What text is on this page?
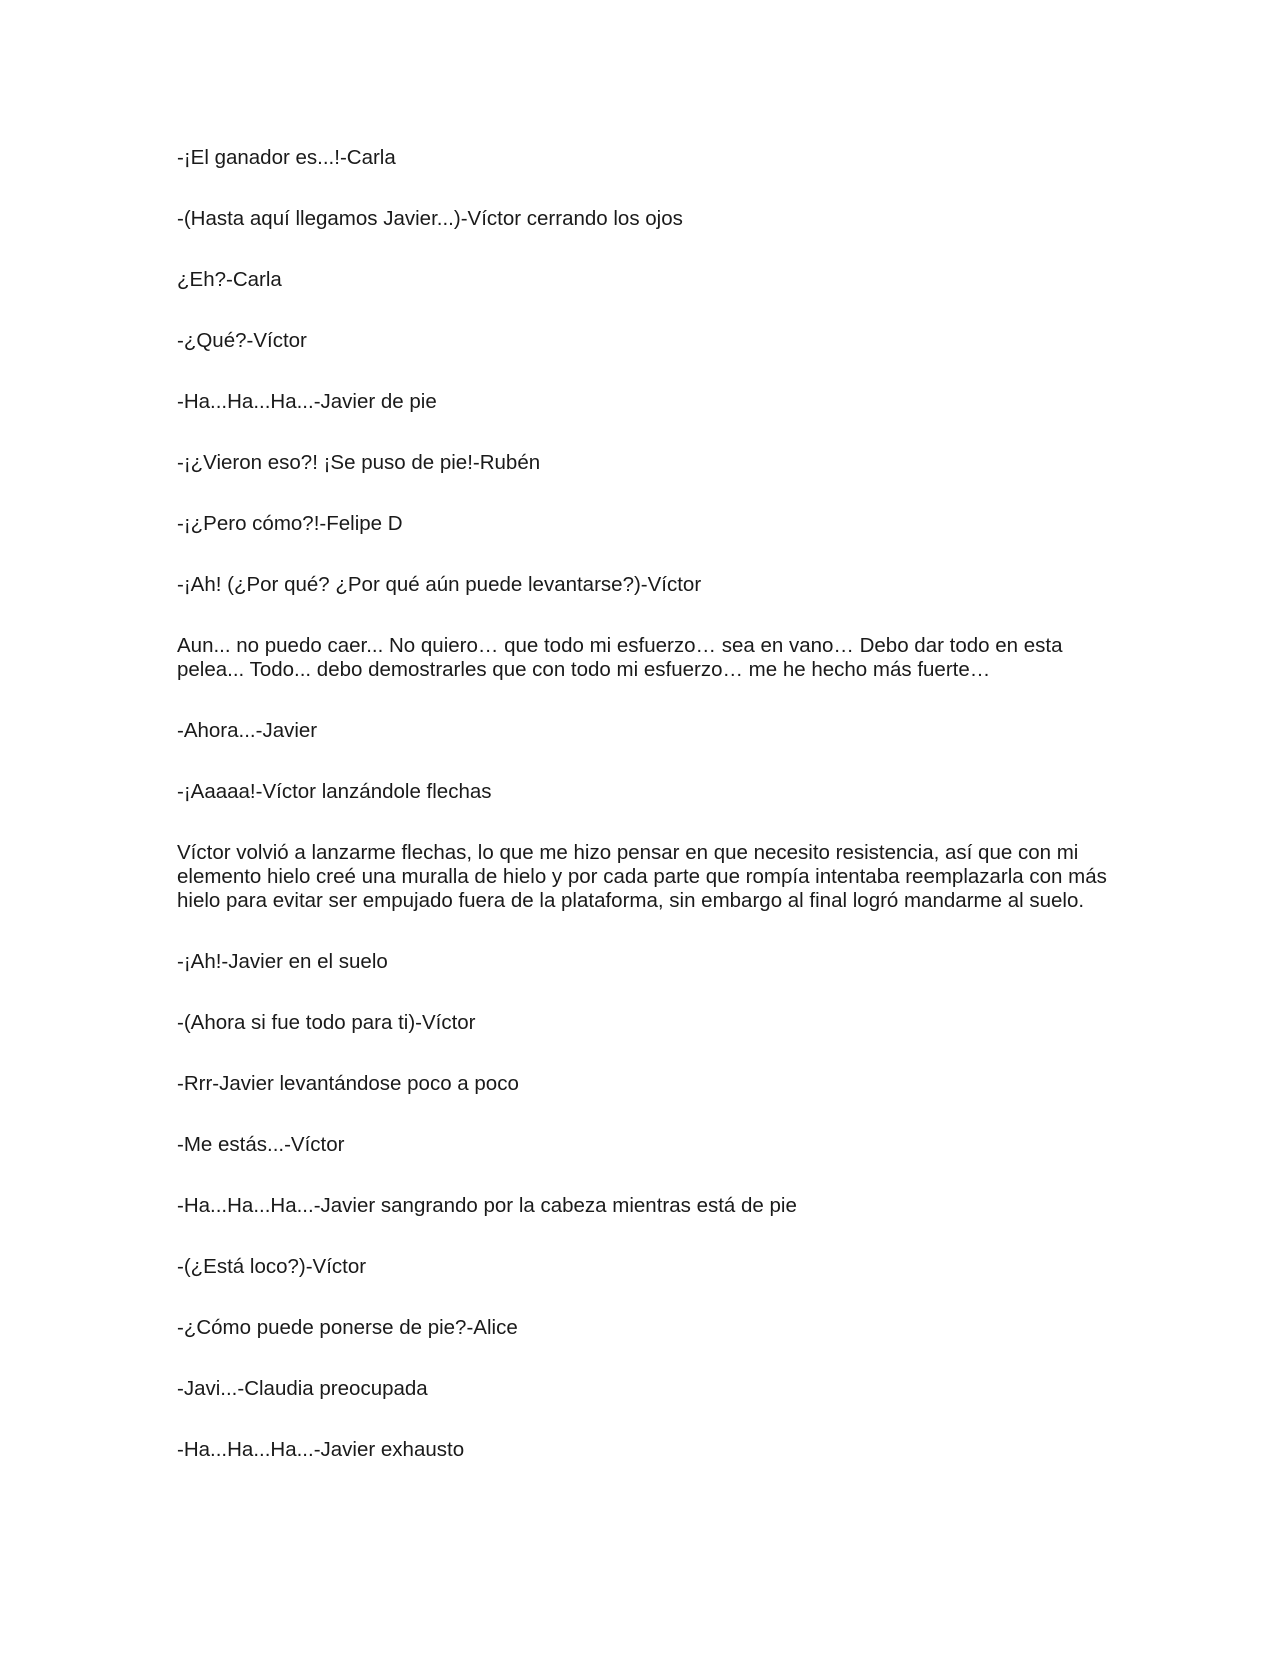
-¡El ganador es...!-Carla

-(Hasta aquí llegamos Javier...)-Víctor cerrando los ojos

¿Eh?-Carla

-¿Qué?-Víctor

-Ha...Ha...Ha...-Javier de pie

-¡¿Vieron eso?! ¡Se puso de pie!-Rubén

-¡¿Pero cómo?!-Felipe D

-¡Ah! (¿Por qué? ¿Por qué aún puede levantarse?)-Víctor

Aun... no puedo caer... No quiero… que todo mi esfuerzo… sea en vano… Debo dar todo en esta pelea... Todo... debo demostrarles que con todo mi esfuerzo… me he hecho más fuerte…

-Ahora...-Javier

-¡Aaaaa!-Víctor lanzándole flechas

Víctor volvió a lanzarme flechas, lo que me hizo pensar en que necesito resistencia, así que con mi elemento hielo creé una muralla de hielo y por cada parte que rompía intentaba reemplazarla con más hielo para evitar ser empujado fuera de la plataforma, sin embargo al final logró mandarme al suelo.

-¡Ah!-Javier en el suelo

-(Ahora si fue todo para ti)-Víctor

-Rrr-Javier levantándose poco a poco

-Me estás...-Víctor

-Ha...Ha...Ha...-Javier sangrando por la cabeza mientras está de pie

-(¿Está loco?)-Víctor

-¿Cómo puede ponerse de pie?-Alice

-Javi...-Claudia preocupada

-Ha...Ha...Ha...-Javier exhausto
